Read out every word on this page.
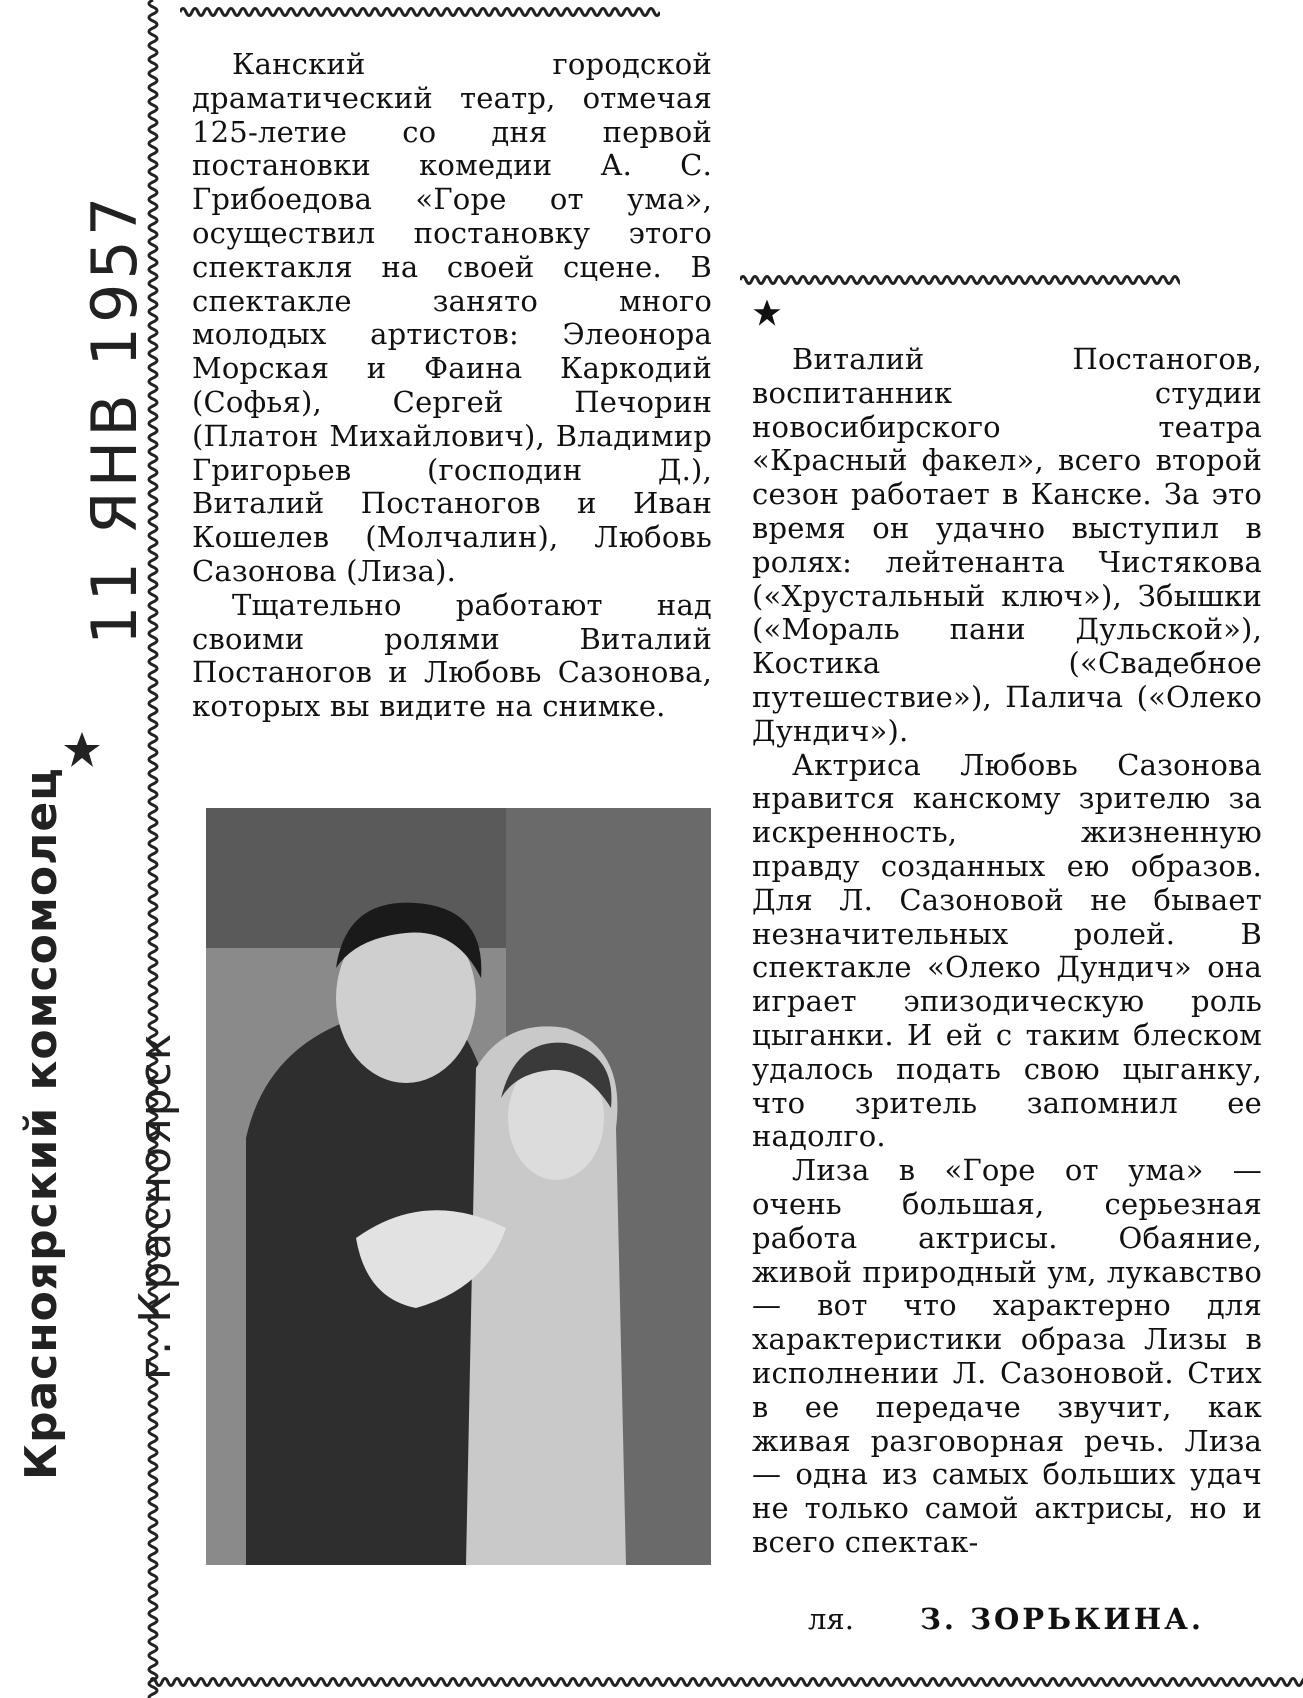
11 ЯНВ 1957
Красноярский комсомолец г. Красноярск

Канский городской драматический театр, отмечая 125-летие со дня первой постановки комедии А. С. Грибоедова «Горе от ума», осуществил постановку этого спектакля на своей сцене. В спектакле занято много молодых артистов: Элеонора Морская и Фаина Каркодий (Софья), Сергей Печорин (Платон Михайлович), Владимир Григорьев (господин Д.), Виталий Постаногов и Иван Кошелев (Молчалин), Любовь Сазонова (Лиза).

Тщательно работают над своими ролями Виталий Постаногов и Любовь Сазонова, которых вы видите на снимке.

Виталий Постаногов, воспитанник студии новосибирского театра «Красный факел», всего второй сезон работает в Канске. За это время он удачно выступил в ролях: лейтенанта Чистякова («Хрустальный ключ»), Збышки («Мораль пани Дульской»), Костика («Свадебное путешествие»), Палича («Олеко Дундич»).

Актриса Любовь Сазонова нравится канскому зрителю за искренность, жизненную правду созданных ею образов. Для Л. Сазоновой не бывает незначительных ролей. В спектакле «Олеко Дундич» она играет эпизодическую роль цыганки. И ей с таким блеском удалось подать свою цыганку, что зритель запомнил ее надолго.

Лиза в «Горе от ума» — очень большая, серьезная работа актрисы. Обаяние, живой природный ум, лукавство — вот что характерно для характеристики образа Лизы в исполнении Л. Сазоновой. Стих в ее передаче звучит, как живая разговорная речь. Лиза — одна из самых больших удач не только самой актрисы, но и всего спектак-

ля. З. ЗОРЬКИНА.
